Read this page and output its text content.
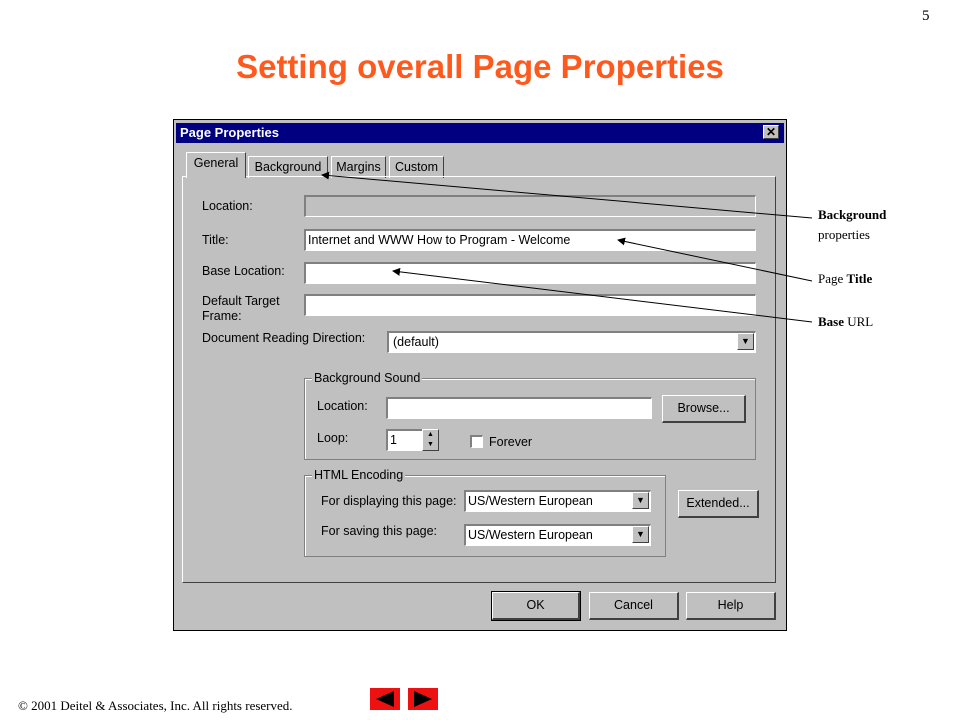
5
Setting overall Page Properties
Page Properties	✕
General	Background	Margins	Custom
Location:
Title:	Internet and WWW How to Program - Welcome
Base Location:
Default Target
Frame:
Document Reading Direction:	(default)	▼
Background Sound
Location:	Browse...
Loop:	1	▲
▼	Forever
HTML Encoding
For displaying this page: US/Western European	▼
For saving this page:	US/Western European	▼
Extended...
OK	Cancel	Help
Background
properties
Page Title
Base URL
© 2001 Deitel & Associates, Inc. All rights reserved.
